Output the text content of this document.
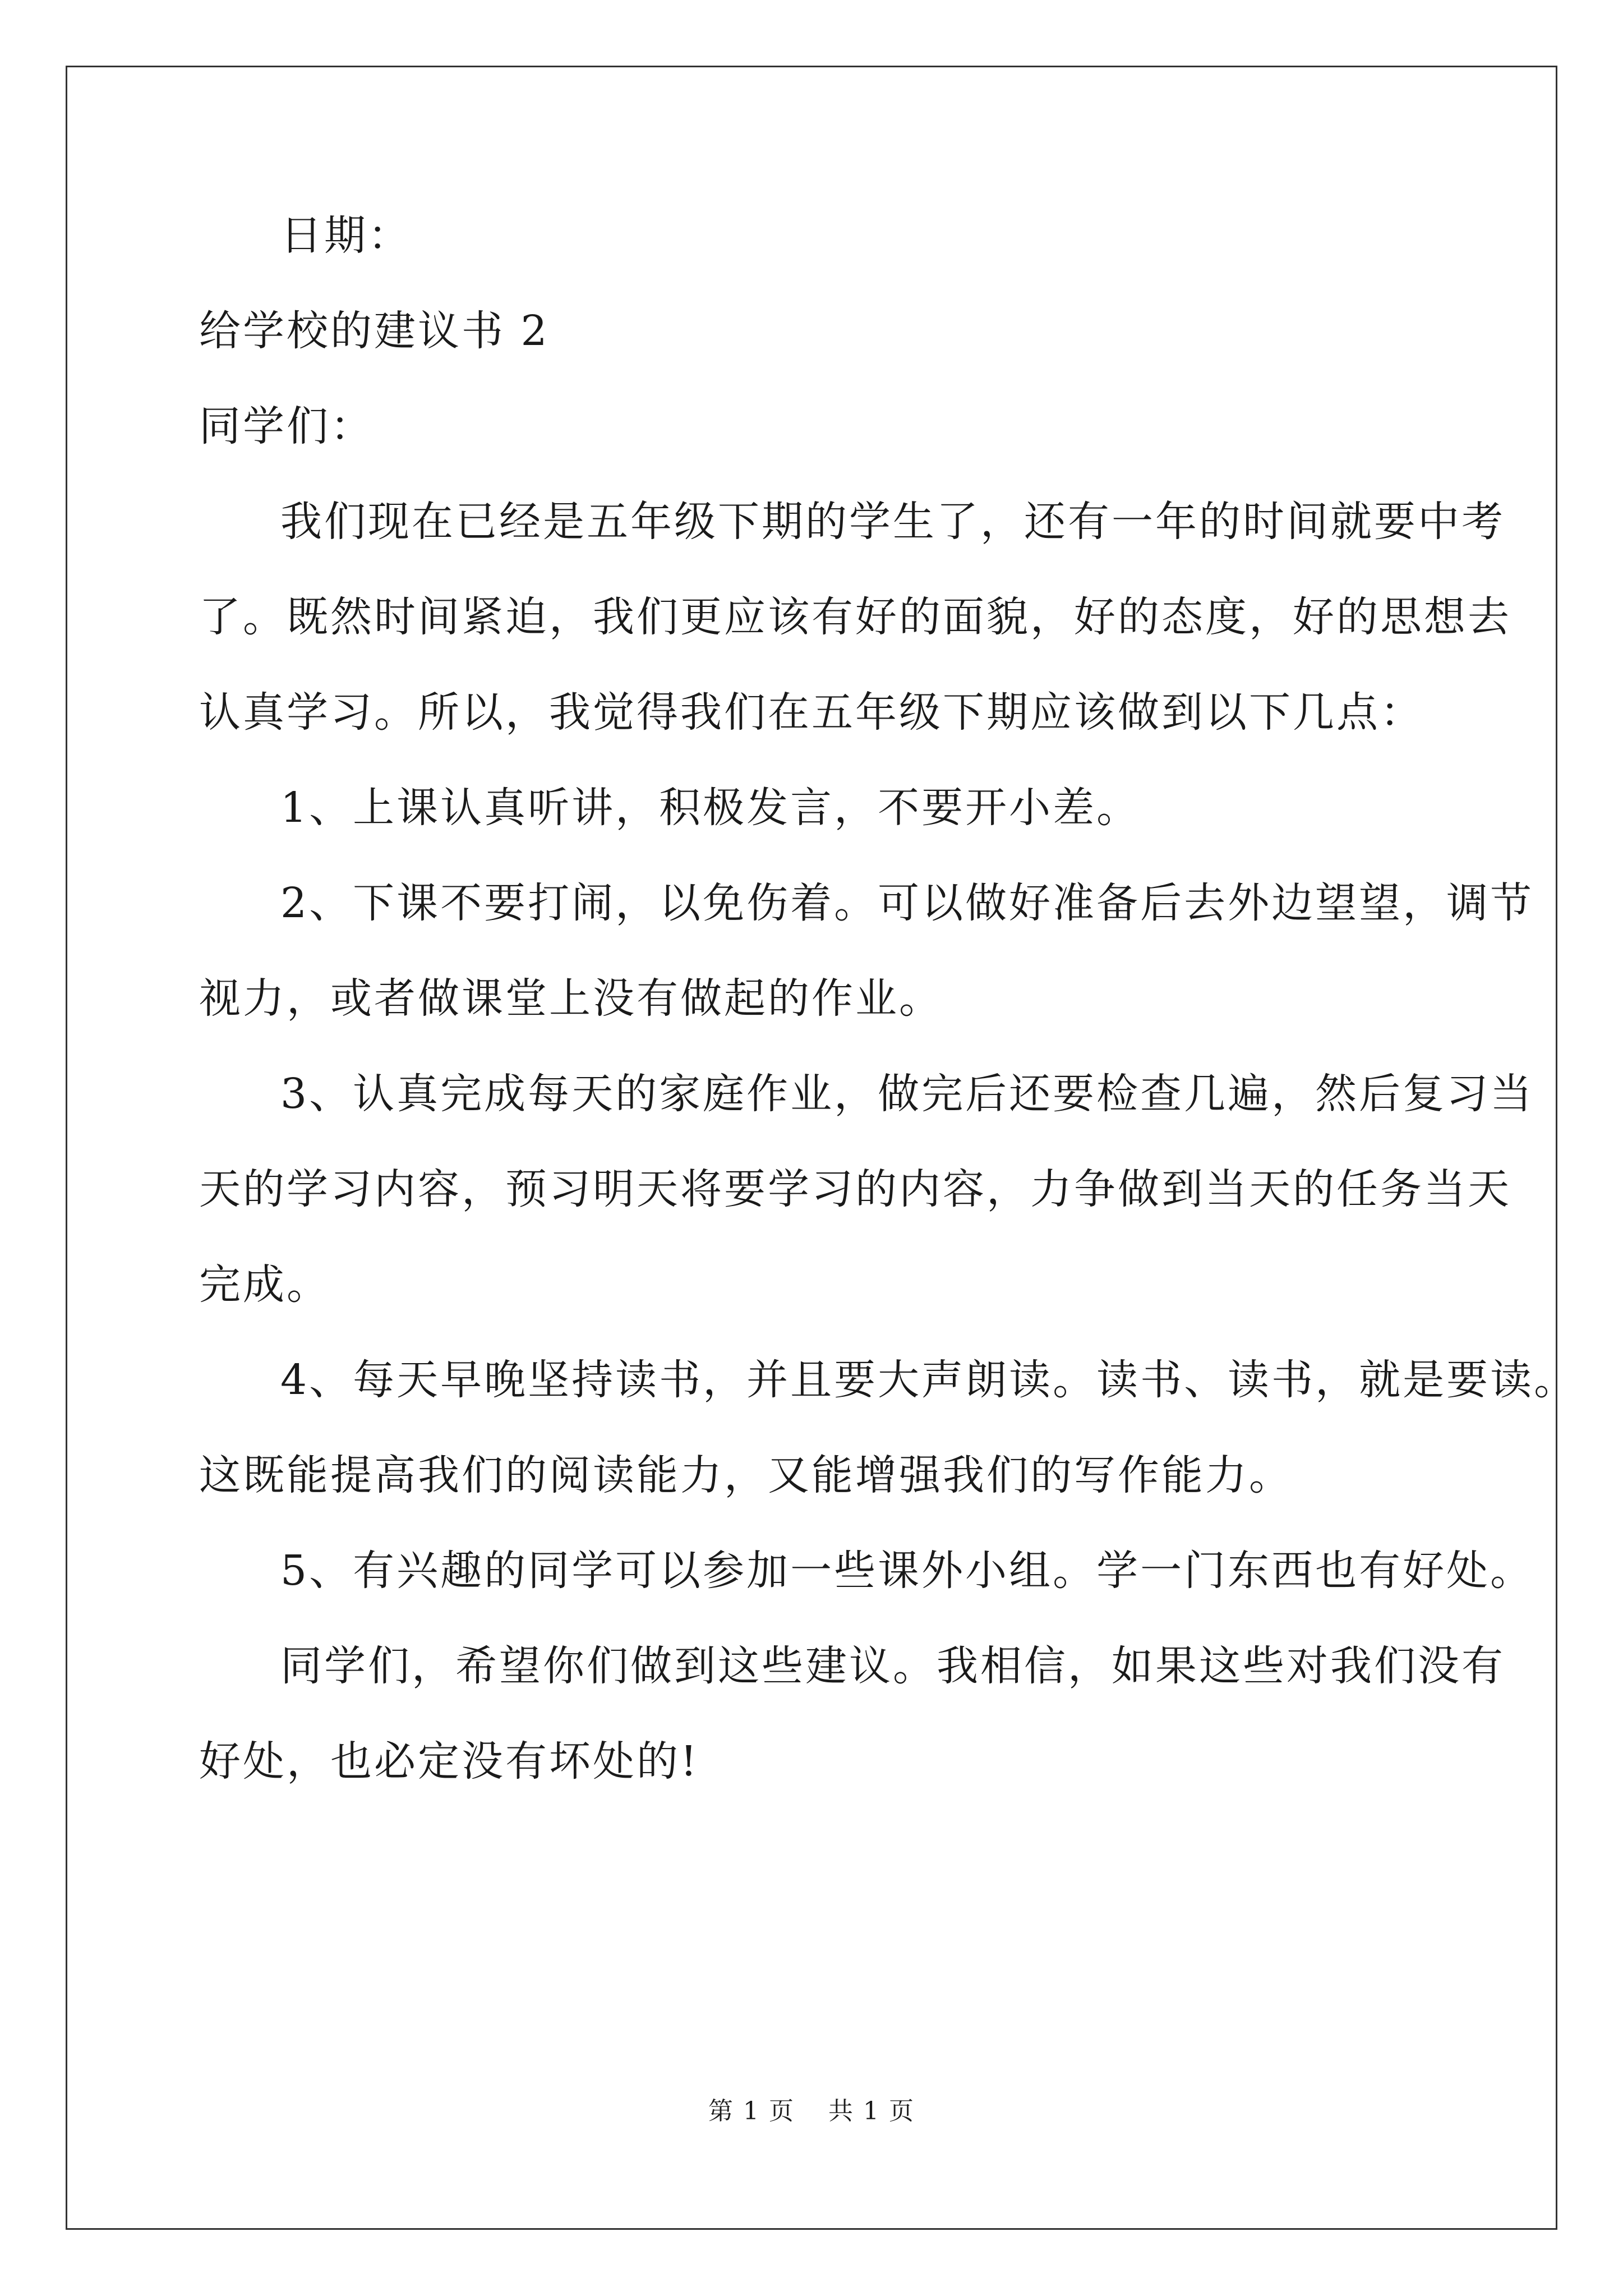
日期：
给学校的建议书 2
同学们：
我们现在已经是五年级下期的学生了，还有一年的时间就要中考
了。既然时间紧迫，我们更应该有好的面貌，好的态度，好的思想去
认真学习。所以，我觉得我们在五年级下期应该做到以下几点：
1、上课认真听讲，积极发言，不要开小差。
2、下课不要打闹，以免伤着。可以做好准备后去外边望望，调节
视力，或者做课堂上没有做起的作业。
3、认真完成每天的家庭作业，做完后还要检查几遍，然后复习当
天的学习内容，预习明天将要学习的内容，力争做到当天的任务当天
完成。
4、每天早晚坚持读书，并且要大声朗读。读书、读书，就是要读。
这既能提高我们的阅读能力，又能增强我们的写作能力。
5、有兴趣的同学可以参加一些课外小组。学一门东西也有好处。
同学们，希望你们做到这些建议。我相信，如果这些对我们没有
好处，也必定没有坏处的!
第 1 页 共 1 页
